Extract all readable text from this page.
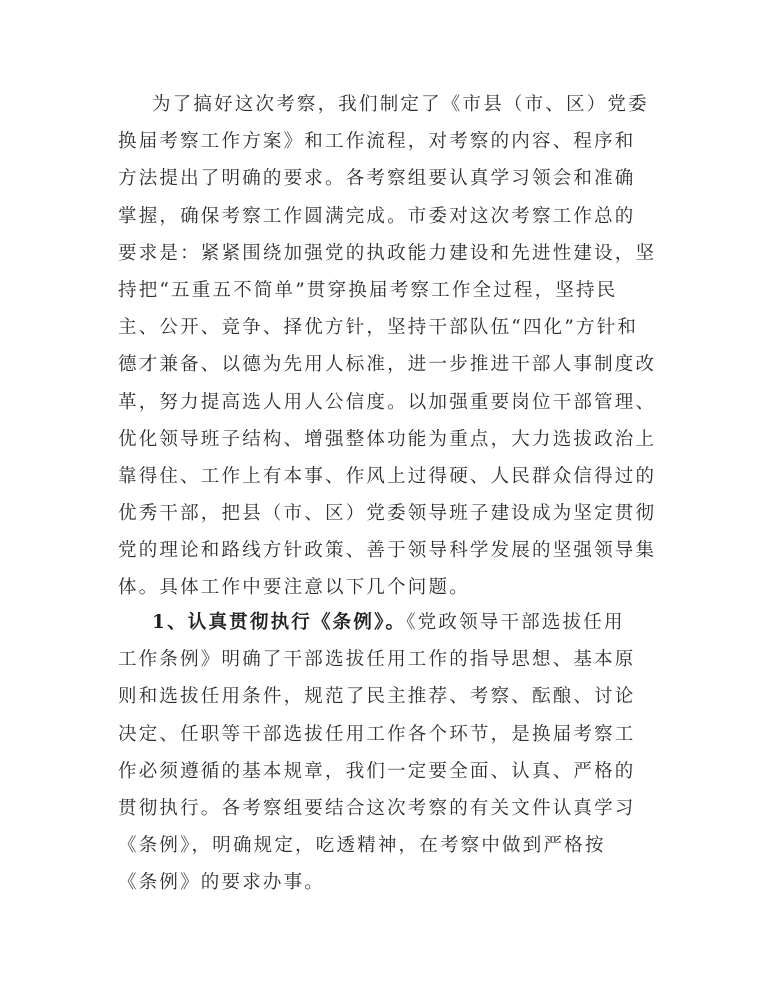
为了搞好这次考察，我们制定了《市县（市、区）党委
换届考察工作方案》和工作流程，对考察的内容、程序和
方法提出了明确的要求。各考察组要认真学习领会和准确
掌握，确保考察工作圆满完成。市委对这次考察工作总的
要求是：紧紧围绕加强党的执政能力建设和先进性建设，坚
持把“五重五不简单”贯穿换届考察工作全过程，坚持民
主、公开、竞争、择优方针，坚持干部队伍“四化”方针和
德才兼备、以德为先用人标准，进一步推进干部人事制度改
革，努力提高选人用人公信度。以加强重要岗位干部管理、
优化领导班子结构、增强整体功能为重点，大力选拔政治上
靠得住、工作上有本事、作风上过得硬、人民群众信得过的
优秀干部，把县（市、区）党委领导班子建设成为坚定贯彻
党的理论和路线方针政策、善于领导科学发展的坚强领导集
体。具体工作中要注意以下几个问题。
1、认真贯彻执行《条例》。《党政领导干部选拔任用
工作条例》明确了干部选拔任用工作的指导思想、基本原
则和选拔任用条件，规范了民主推荐、考察、酝酿、讨论
决定、任职等干部选拔任用工作各个环节，是换届考察工
作必须遵循的基本规章，我们一定要全面、认真、严格的
贯彻执行。各考察组要结合这次考察的有关文件认真学习
《条例》，明确规定，吃透精神，在考察中做到严格按
《条例》的要求办事。
